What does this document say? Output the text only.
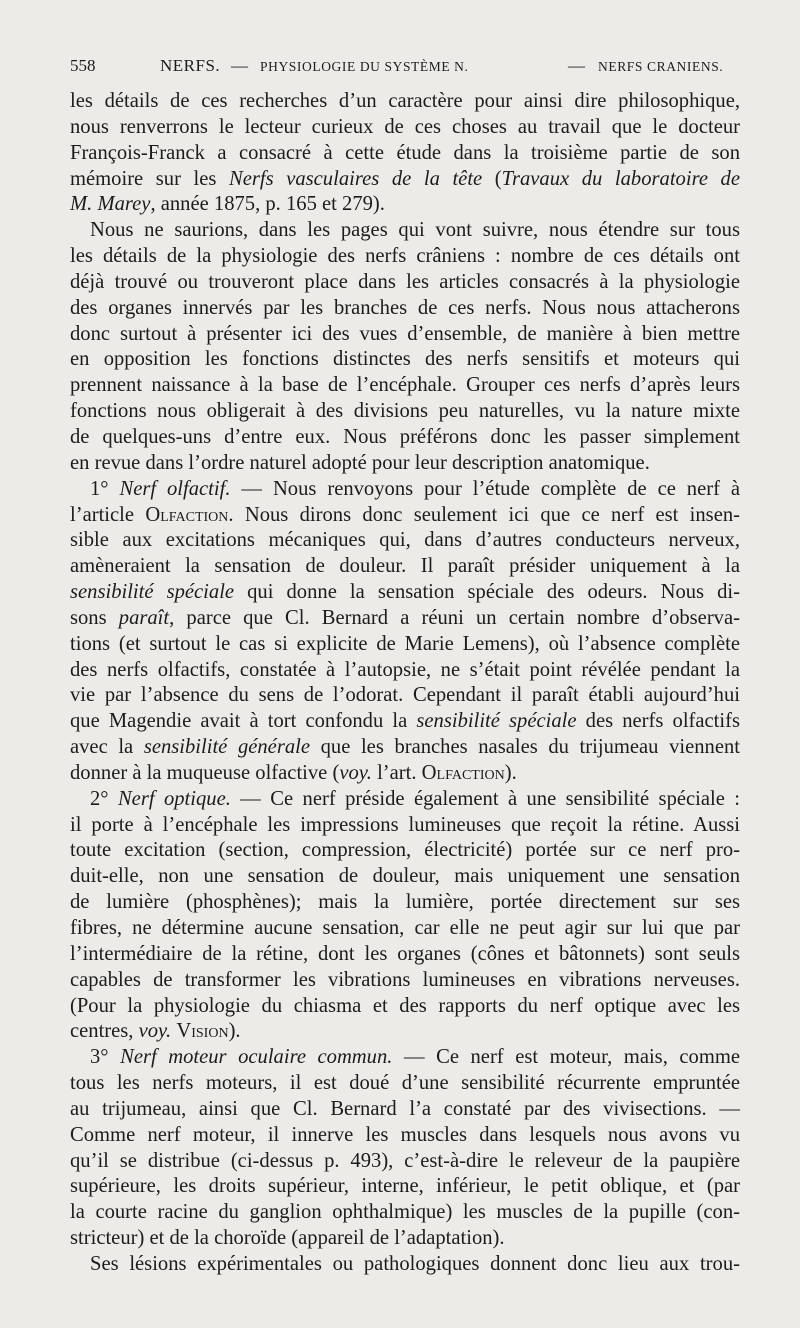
558	NERFS. — PHYSIOLOGIE DU SYSTÈME N.	— NERFS CRANIENS.
les détails de ces recherches d’un caractère pour ainsi dire philosophique,
nous renverrons le lecteur curieux de ces choses au travail que le docteur
François-Franck a consacré à cette étude dans la troisième partie de son
mémoire sur les Nerfs vasculaires de la tête (Travaux du laboratoire de
M. Marey, année 1875, p. 165 et 279).
Nous ne saurions, dans les pages qui vont suivre, nous étendre sur tous
les détails de la physiologie des nerfs crâniens : nombre de ces détails ont
déjà trouvé ou trouveront place dans les articles consacrés à la physiologie
des organes innervés par les branches de ces nerfs. Nous nous attacherons
donc surtout à présenter ici des vues d’ensemble, de manière à bien mettre
en opposition les fonctions distinctes des nerfs sensitifs et moteurs qui
prennent naissance à la base de l’encéphale. Grouper ces nerfs d’après leurs
fonctions nous obligerait à des divisions peu naturelles, vu la nature mixte
de quelques-uns d’entre eux. Nous préférons donc les passer simplement
en revue dans l’ordre naturel adopté pour leur description anatomique.
1° Nerf olfactif. — Nous renvoyons pour l’étude complète de ce nerf à
l’article Olfaction. Nous dirons donc seulement ici que ce nerf est insen-
sible aux excitations mécaniques qui, dans d’autres conducteurs nerveux,
amèneraient la sensation de douleur. Il paraît présider uniquement à la
sensibilité spéciale qui donne la sensation spéciale des odeurs. Nous di-
sons paraît, parce que Cl. Bernard a réuni un certain nombre d’observa-
tions (et surtout le cas si explicite de Marie Lemens), où l’absence complète
des nerfs olfactifs, constatée à l’autopsie, ne s’était point révélée pendant la
vie par l’absence du sens de l’odorat. Cependant il paraît établi aujourd’hui
que Magendie avait à tort confondu la sensibilité spéciale des nerfs olfactifs
avec la sensibilité générale que les branches nasales du trijumeau viennent
donner à la muqueuse olfactive (voy. l’art. Olfaction).
2° Nerf optique. — Ce nerf préside également à une sensibilité spéciale :
il porte à l’encéphale les impressions lumineuses que reçoit la rétine. Aussi
toute excitation (section, compression, électricité) portée sur ce nerf pro-
duit-elle, non une sensation de douleur, mais uniquement une sensation
de lumière (phosphènes); mais la lumière, portée directement sur ses
fibres, ne détermine aucune sensation, car elle ne peut agir sur lui que par
l’intermédiaire de la rétine, dont les organes (cônes et bâtonnets) sont seuls
capables de transformer les vibrations lumineuses en vibrations nerveuses.
(Pour la physiologie du chiasma et des rapports du nerf optique avec les
centres, voy. Vision).
3° Nerf moteur oculaire commun. — Ce nerf est moteur, mais, comme
tous les nerfs moteurs, il est doué d’une sensibilité récurrente empruntée
au trijumeau, ainsi que Cl. Bernard l’a constaté par des vivisections. —
Comme nerf moteur, il innerve les muscles dans lesquels nous avons vu
qu’il se distribue (ci-dessus p. 493), c’est-à-dire le releveur de la paupière
supérieure, les droits supérieur, interne, inférieur, le petit oblique, et (par
la courte racine du ganglion ophthalmique) les muscles de la pupille (con-
stricteur) et de la choroïde (appareil de l’adaptation).
Ses lésions expérimentales ou pathologiques donnent donc lieu aux trou-
